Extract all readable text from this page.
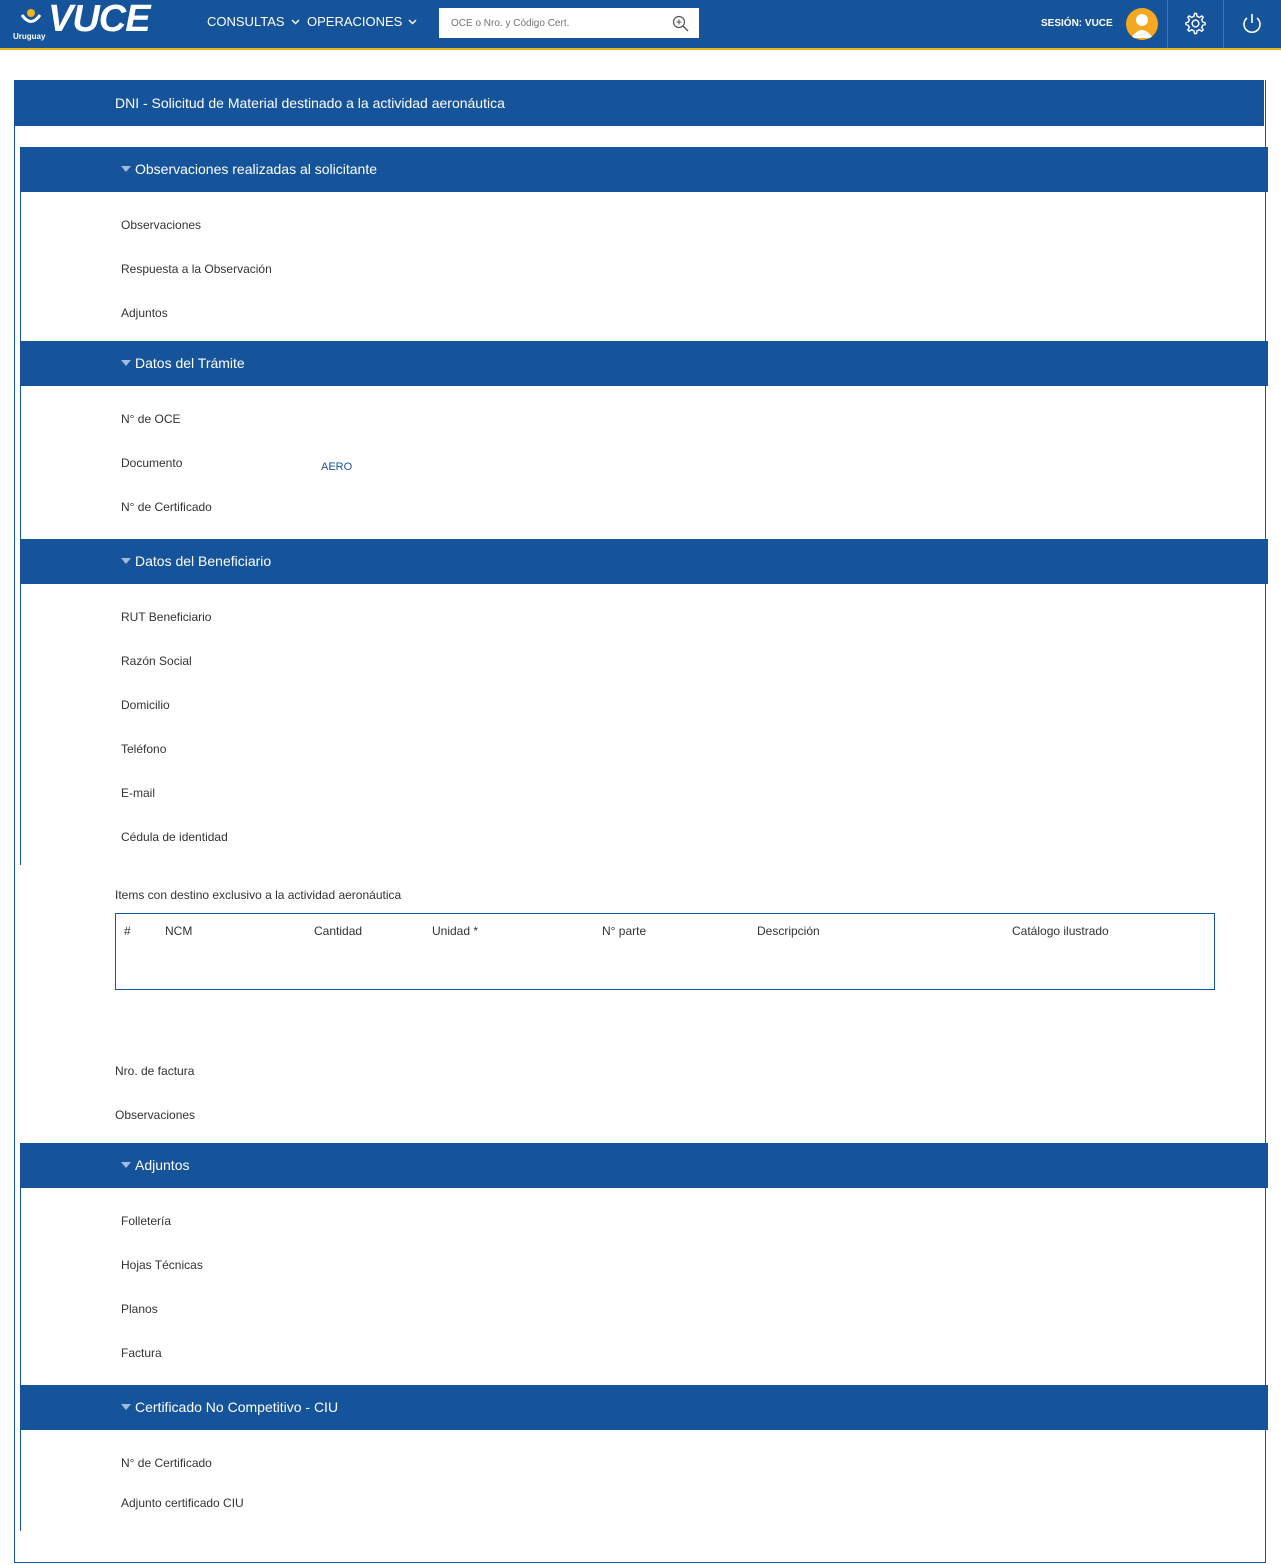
Uruguay VUCE	CONSULTAS OPERACIONES
OCE o Nro. y Código Cert.	SESIÓN: VUCE
DNI - Solicitud de Material destinado a la actividad aeronáutica
Observaciones realizadas al solicitante
Observaciones
Respuesta a la Observación
Adjuntos
Datos del Trámite
N° de OCE
Documento	AERO
N° de Certificado
Datos del Beneficiario
RUT Beneficiario
Razón Social
Domicilio
Teléfono
E-mail
Cédula de identidad
Items con destino exclusivo a la actividad aeronáutica
#	NCM	Cantidad	Unidad *	N° parte	Descripción	Catálogo ilustrado
Nro. de factura
Observaciones
Adjuntos
Folletería
Hojas Técnicas
Planos
Factura
Certificado No Competitivo - CIU
N° de Certificado
Adjunto certificado CIU
